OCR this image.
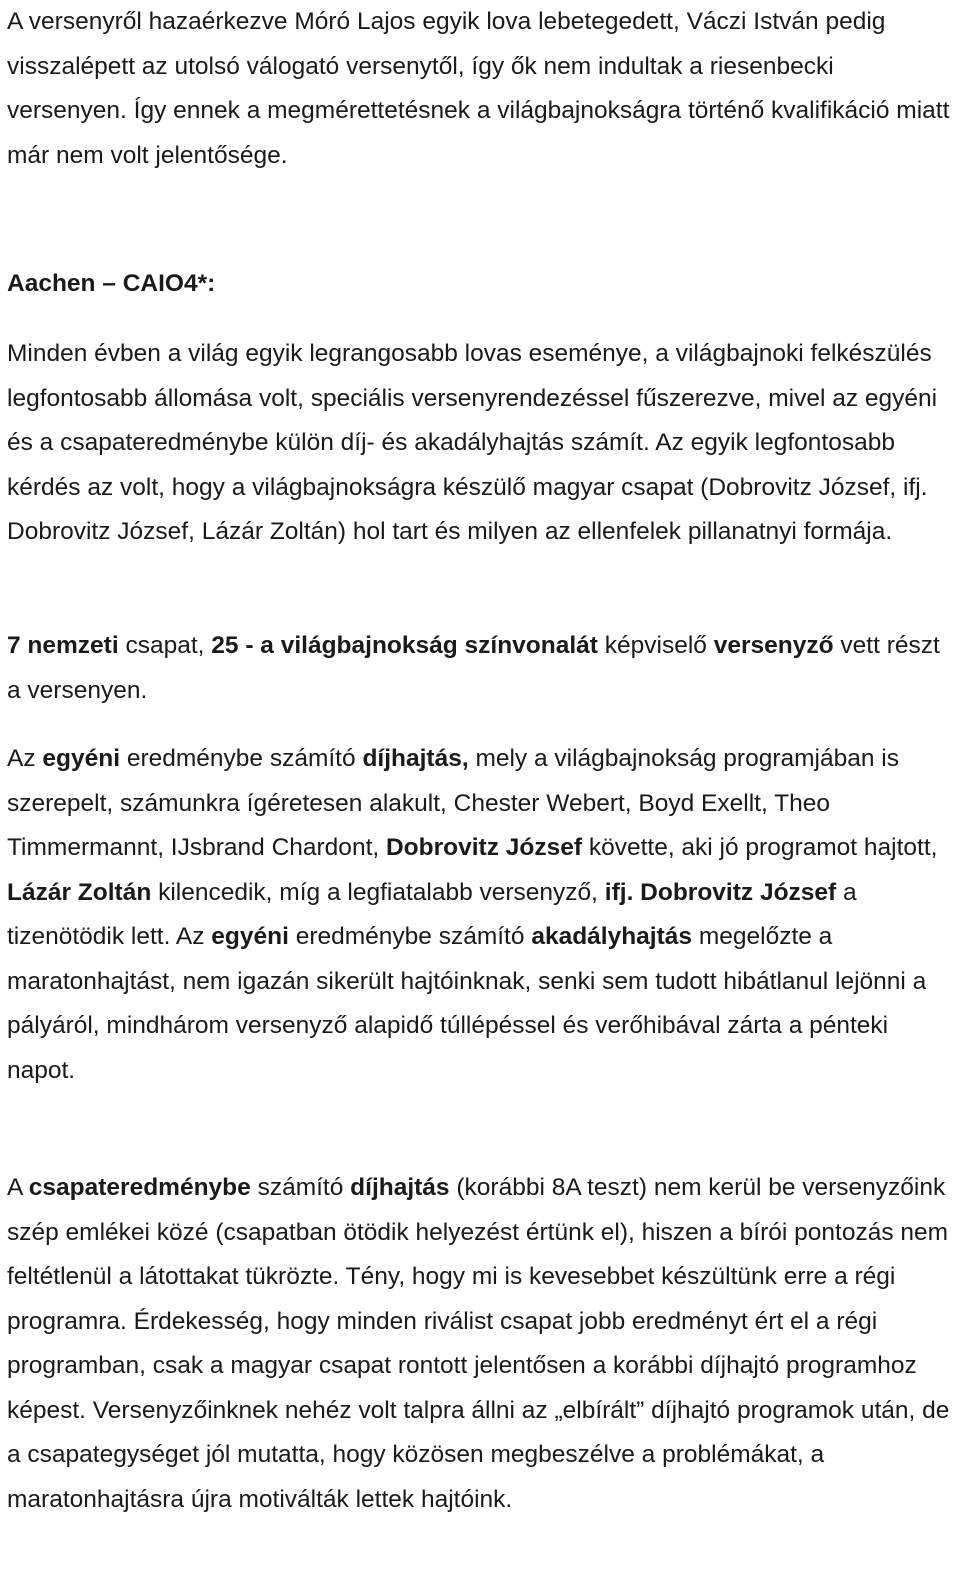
A versenyről hazaérkezve Móró Lajos egyik lova lebetegedett, Váczi István pedig visszalépett az utolsó válogató versenytől, így ők nem indultak a riesenbecki versenyen. Így ennek a megmérettetésnek a világbajnokságra történő kvalifikáció miatt már nem volt jelentősége.

Aachen – CAIO4*:

Minden évben a világ egyik legrangosabb lovas eseménye, a világbajnoki felkészülés legfontosabb állomása volt, speciális versenyrendezéssel fűszerezve, mivel az egyéni és a csapateredménybe külön díj- és akadályhajtás számít. Az egyik legfontosabb kérdés az volt, hogy a világbajnokságra készülő magyar csapat (Dobrovitz József, ifj. Dobrovitz József, Lázár Zoltán) hol tart és milyen az ellenfelek pillanatnyi formája.

7 nemzeti csapat, 25 - a világbajnokság színvonalát képviselő versenyző vett részt a versenyen.

Az egyéni eredménybe számító díjhajtás, mely a világbajnokság programjában is szerepelt, számunkra ígéretesen alakult, Chester Webert, Boyd Exellt, Theo Timmermannt, IJsbrand Chardont, Dobrovitz József követte, aki jó programot hajtott, Lázár Zoltán kilencedik, míg a legfiatalabb versenyző, ifj. Dobrovitz József a tizenötödik lett. Az egyéni eredménybe számító akadályhajtás megelőzte a maratonhajtást, nem igazán sikerült hajtóinknak, senki sem tudott hibátlanul lejönni a pályáról, mindhárom versenyző alapidő túllépéssel és verőhibával zárta a pénteki napot.

A csapateredménybe számító díjhajtás (korábbi 8A teszt) nem kerül be versenyzőink szép emlékei közé (csapatban ötödik helyezést értünk el), hiszen a bírói pontozás nem feltétlenül a látottakat tükrözte. Tény, hogy mi is kevesebbet készültünk erre a régi programra. Érdekesség, hogy minden riválist csapat jobb eredményt ért el a régi programban, csak a magyar csapat rontott jelentősen a korábbi díjhajtó programhoz képest. Versenyzőinknek nehéz volt talpra állni az „elbírált” díjhajtó programok után, de a csapategységet jól mutatta, hogy közösen megbeszélve a problémákat, a maratonhajtásra újra motiválták lettek hajtóink.
